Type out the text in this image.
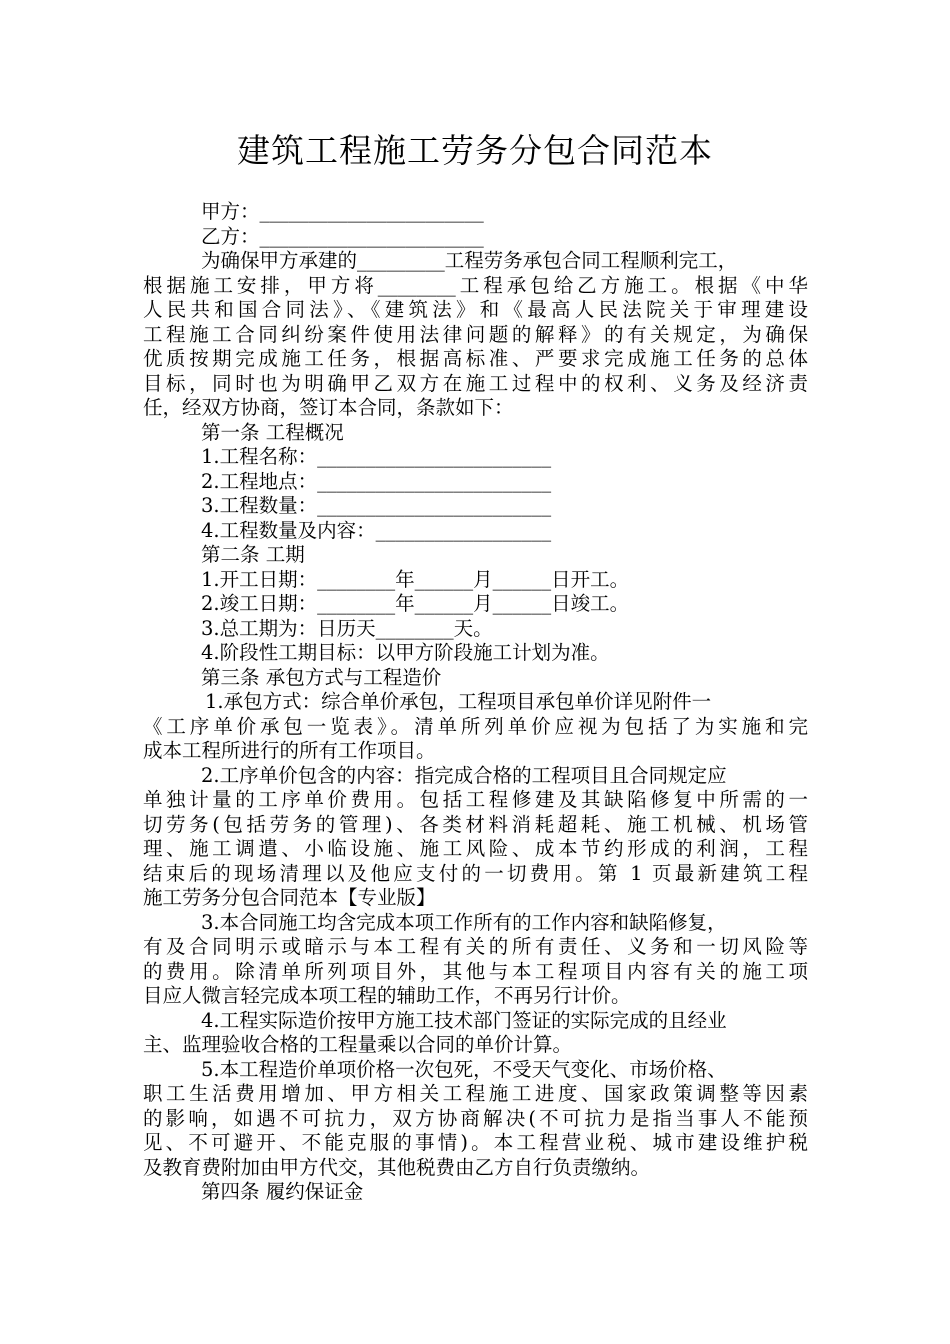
建筑工程施工劳务分包合同范本

甲方：_______________________

乙方：_______________________

为确保甲方承建的_________工程劳务承包合同工程顺利完工，

根据施工安排，甲方将________工程承包给乙方施工。根据《中华

人民共和国合同法》、《建筑法》和《最高人民法院关于审理建设

工程施工合同纠纷案件使用法律问题的解释》的有关规定，为确保

优质按期完成施工任务，根据高标准、严要求完成施工任务的总体

目标，同时也为明确甲乙双方在施工过程中的权利、义务及经济责

任，经双方协商，签订本合同，条款如下：

第一条 工程概况

1.工程名称：________________________

2.工程地点：________________________

3.工程数量：________________________

4.工程数量及内容：__________________

第二条 工期

1.开工日期：________年______月______日开工。

2.竣工日期：________年______月______日竣工。

3.总工期为：日历天________天。

4.阶段性工期目标：以甲方阶段施工计划为准。

第三条 承包方式与工程造价

1.承包方式：综合单价承包，工程项目承包单价详见附件一

《工序单价承包一览表》。清单所列单价应视为包括了为实施和完

成本工程所进行的所有工作项目。

2.工序单价包含的内容：指完成合格的工程项目且合同规定应

单独计量的工序单价费用。包括工程修建及其缺陷修复中所需的一

切劳务(包括劳务的管理)、各类材料消耗超耗、施工机械、机场管

理、施工调遣、小临设施、施工风险、成本节约形成的利润，工程

结束后的现场清理以及他应支付的一切费用。第 1 页最新建筑工程

施工劳务分包合同范本【专业版】

3.本合同施工均含完成本项工作所有的工作内容和缺陷修复，

有及合同明示或暗示与本工程有关的所有责任、义务和一切风险等

的费用。除清单所列项目外，其他与本工程项目内容有关的施工项

目应人微言轻完成本项工程的辅助工作，不再另行计价。

4.工程实际造价按甲方施工技术部门签证的实际完成的且经业

主、监理验收合格的工程量乘以合同的单价计算。

5.本工程造价单项价格一次包死，不受天气变化、市场价格、

职工生活费用增加、甲方相关工程施工进度、国家政策调整等因素

的影响，如遇不可抗力，双方协商解决(不可抗力是指当事人不能预

见、不可避开、不能克服的事情)。本工程营业税、城市建设维护税

及教育费附加由甲方代交，其他税费由乙方自行负责缴纳。

第四条 履约保证金
